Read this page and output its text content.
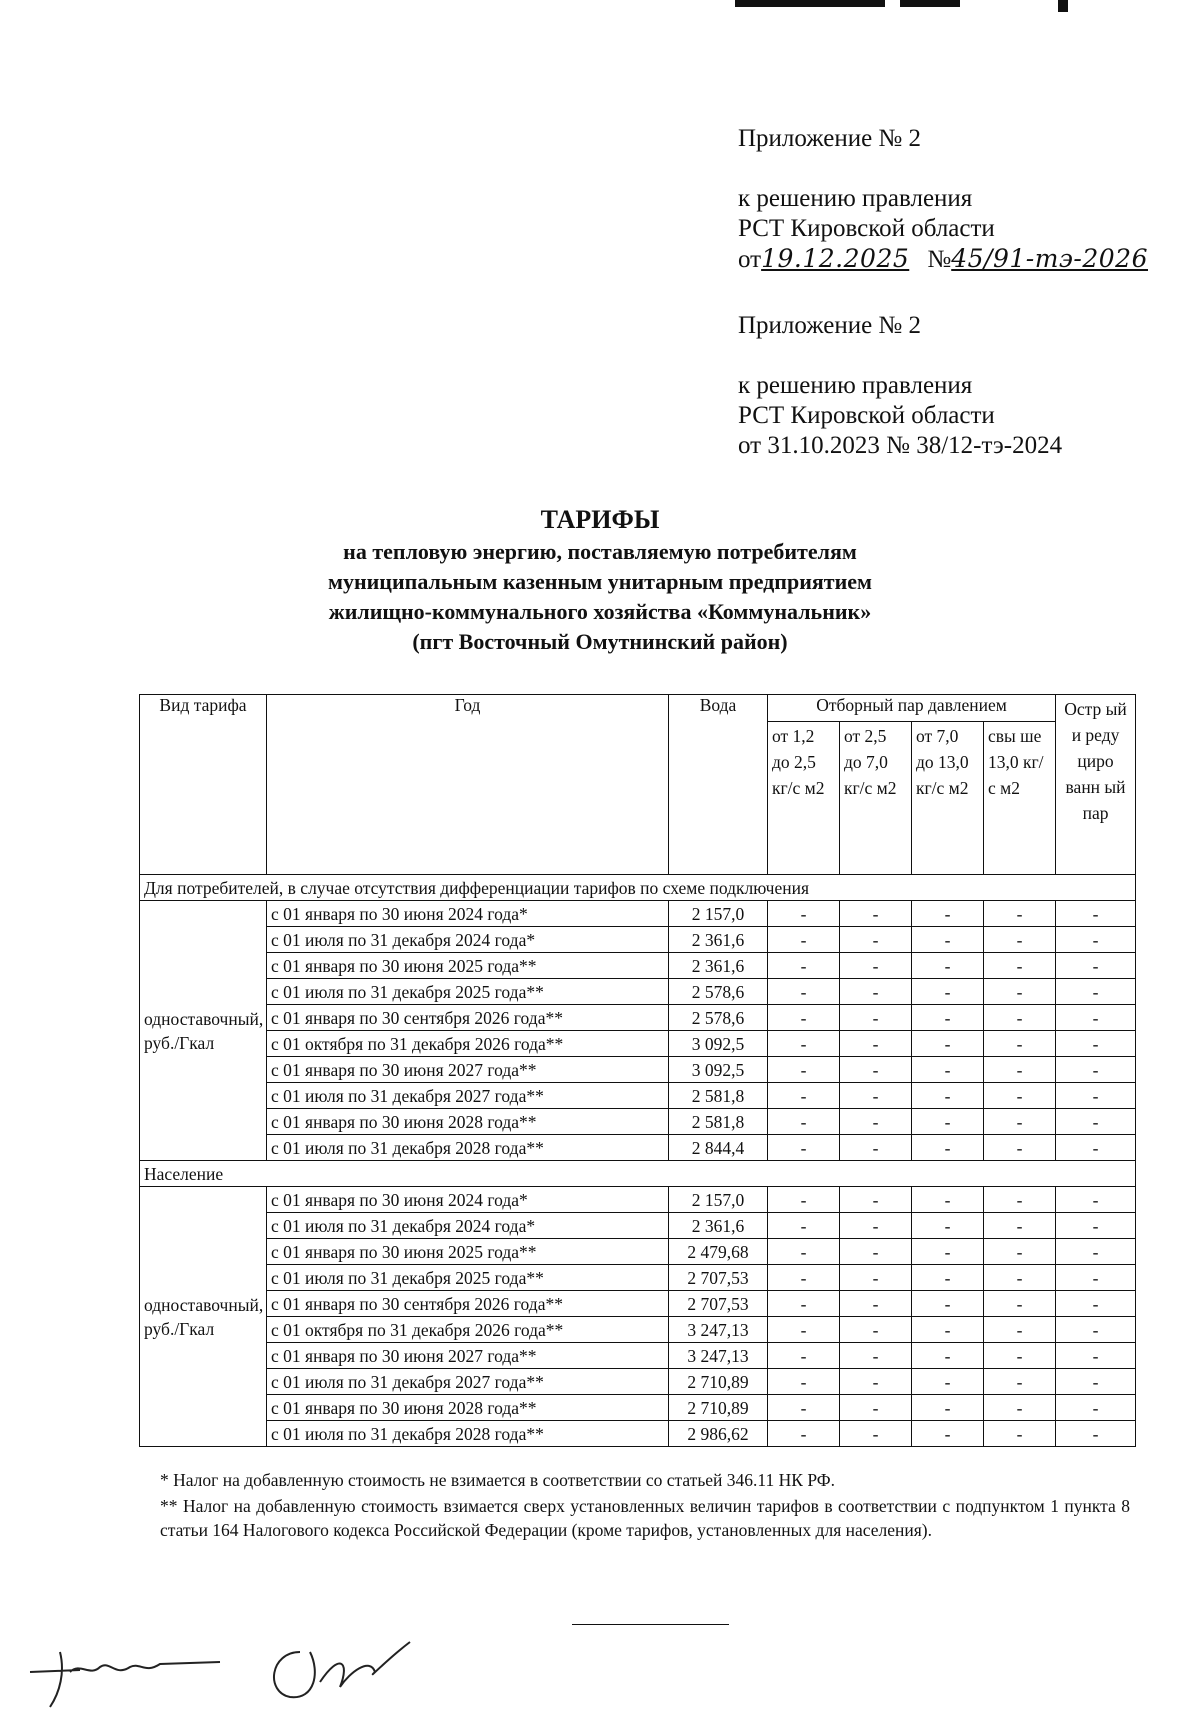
Приложение № 2
к решению правления
РСТ Кировской области
от19.12.2025 №45/91-тэ-2026
Приложение № 2
к решению правления
РСТ Кировской области
от 31.10.2023 № 38/12-тэ-2024
ТАРИФЫ
на тепловую энергию, поставляемую потребителям
муниципальным казенным унитарным предприятием
жилищно-коммунального хозяйства «Коммунальник»
(пгт Восточный Омутнинский район)
Вид тарифа	Год	Вода	Отборный пар давлением				Остр ый и реду циро ванн ый пар
			от 1,2 до 2,5 кг/с м2	от 2,5 до 7,0 кг/с м2	от 7,0 до 13,0 кг/с м2	свы ше 13,0 кг/с м2	
Для потребителей, в случае отсутствия дифференциации тарифов по схеме подключения							
одноставочный, руб./Гкал	с 01 января по 30 июня 2024 года*	2 157,0	-	-	-	-	-
	с 01 июля по 31 декабря 2024 года*	2 361,6	-	-	-	-	-
	с 01 января по 30 июня 2025 года**	2 361,6	-	-	-	-	-
	с 01 июля по 31 декабря 2025 года**	2 578,6	-	-	-	-	-
	с 01 января по 30 сентября 2026 года**	2 578,6	-	-	-	-	-
	с 01 октября по 31 декабря 2026 года**	3 092,5	-	-	-	-	-
	с 01 января по 30 июня 2027 года**	3 092,5	-	-	-	-	-
	с 01 июля по 31 декабря 2027 года**	2 581,8	-	-	-	-	-
	с 01 января по 30 июня 2028 года**	2 581,8	-	-	-	-	-
	с 01 июля по 31 декабря 2028 года**	2 844,4	-	-	-	-	-
Население							
одноставочный, руб./Гкал	с 01 января по 30 июня 2024 года*	2 157,0	-	-	-	-	-
	с 01 июля по 31 декабря 2024 года*	2 361,6	-	-	-	-	-
	с 01 января по 30 июня 2025 года**	2 479,68	-	-	-	-	-
	с 01 июля по 31 декабря 2025 года**	2 707,53	-	-	-	-	-
	с 01 января по 30 сентября 2026 года**	2 707,53	-	-	-	-	-
	с 01 октября по 31 декабря 2026 года**	3 247,13	-	-	-	-	-
	с 01 января по 30 июня 2027 года**	3 247,13	-	-	-	-	-
	с 01 июля по 31 декабря 2027 года**	2 710,89	-	-	-	-	-
	с 01 января по 30 июня 2028 года**	2 710,89	-	-	-	-	-
	с 01 июля по 31 декабря 2028 года**	2 986,62	-	-	-	-	-

* Налог на добавленную стоимость не взимается в соответствии со статьей 346.11 НК РФ.

** Налог на добавленную стоимость взимается сверх установленных величин тарифов в соответствии с подпунктом 1 пункта 8 статьи 164 Налогового кодекса Российской Федерации (кроме тарифов, установленных для населения).
